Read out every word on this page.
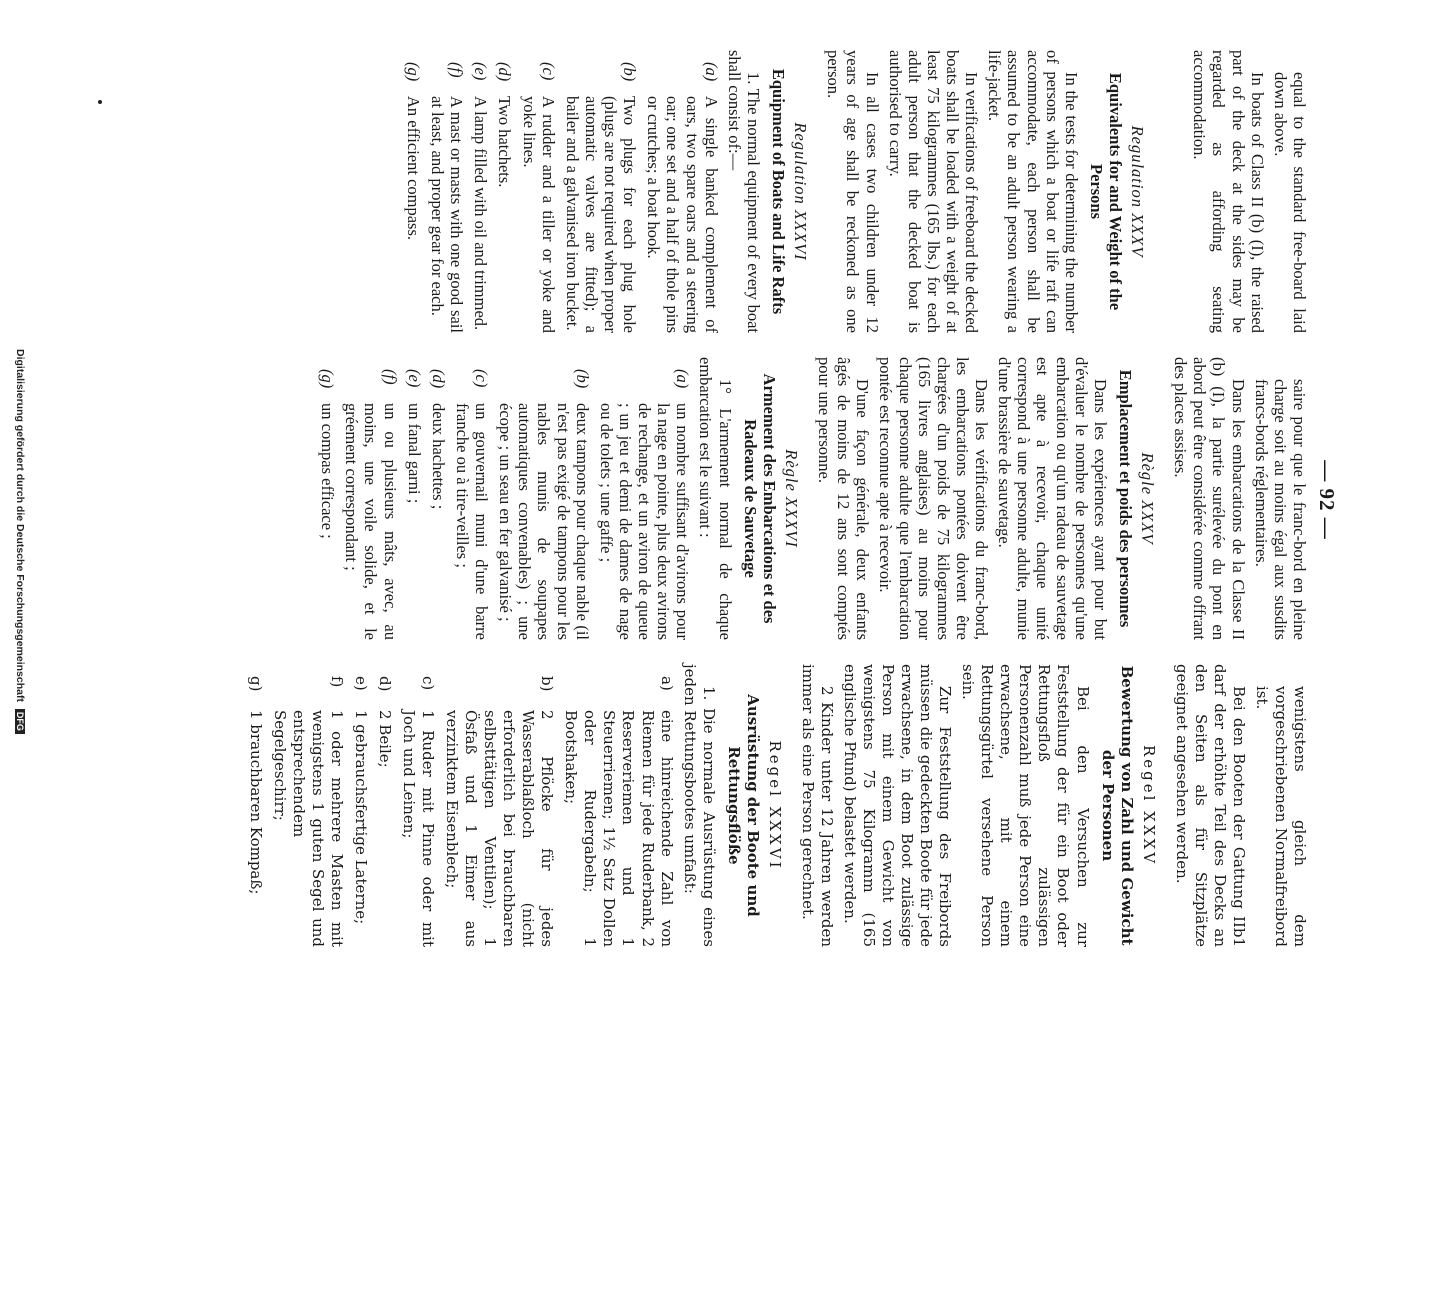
Digitalisierung gefördert durch die Deutsche Forschungsgemeinschaft DFG
— 92 —

equal to the standard free-board laid down above.

In boats of Class II (b) (I), the raised part of the deck at the sides may be regarded as affording seating accommodation.

Regulation XXXV
Equivalents for and Weight of the Persons

In the tests for determining the number of persons which a boat or life raft can accommodate, each person shall be assumed to be an adult person wearing a life-jacket.

In verifications of freeboard the decked boats shall be loaded with a weight of at least 75 kilogrammes (165 lbs.) for each adult person that the decked boat is authorised to carry.

In all cases two children under 12 years of age shall be reckoned as one person.

Regulation XXXVI
Equipment of Boats and Life Rafts

1. The normal equipment of every boat shall consist of:—

(a)
A single banked complement of oars, two spare oars and a steering oar; one set and a half of thole pins or crutches; a boat hook.
(b)
Two plugs for each plug hole (plugs are not required when proper automatic valves are fitted); a bailer and a galvanised iron bucket.
(c)
A rudder and a tiller or yoke and yoke lines.
(d)
Two hatchets.
(e)
A lamp filled with oil and trimmed.
(f)
A mast or masts with one good sail at least, and proper gear for each.
(g)
An efficient compass.

saire pour que le franc-bord en pleine charge soit au moins égal aux susdits francs-bords réglementaires.

Dans les embarcations de la Classe II (b) (I), la partie surélevée du pont en abord peut être considérée comme offrant des places assises.

Règle XXXV
Emplacement et poids des personnes

Dans les expériences ayant pour but d'évaluer le nombre de personnes qu'une embarcation ou qu'un radeau de sauvetage est apte à recevoir, chaque unité correspond à une personne adulte, munie d'une brassière de sauvetage.

Dans les vérifications du franc-bord, les embarcations pontées doivent être chargées d'un poids de 75 kilogrammes (165 livres anglaises) au moins pour chaque personne adulte que l'embarcation pontée est reconnue apte à recevoir.

D'une façon générale, deux enfants âgés de moins de 12 ans sont comptés pour une personne.

Règle XXXVI
Armement des Embarcations et des Radeaux de Sauvetage

1° L'armement normal de chaque embarcation est le suivant :

(a)
un nombre suffisant d'avirons pour la nage en pointe, plus deux avirons de rechange, et un aviron de queue ; un jeu et demi de dames de nage ou de tolets ; une gaffe ;
(b)
deux tampons pour chaque nable (il n'est pas exigé de tampons pour les nables munis de soupapes automatiques convenables) ; une écope ; un seau en fer galvanisé ;
(c)
un gouvernail muni d'une barre franche ou à tire-veilles ;
(d)
deux hachettes ;
(e)
un fanal garni ;
(f)
un ou plusieurs mâts, avec, au moins, une voile solide, et le gréement correspondant ;
(g)
un compas efficace ;

wenigstens gleich dem vorgeschriebenen Normalfreibord ist.

Bei den Booten der Gattung IIb1 darf der erhöhte Teil des Decks an den Seiten als für Sitzplätze geeignet angesehen werden.

Regel XXXV
Bewertung von Zahl und Gewicht der Personen

Bei den Versuchen zur Feststellung der für ein Boot oder Rettungsfloß zulässigen Personenzahl muß jede Person eine erwachsene, mit einem Rettungsgürtel versehene Person sein.

Zur Feststellung des Freibords müssen die gedeckten Boote für jede erwachsene, in dem Boot zulässige Person mit einem Gewicht von wenigstens 75 Kilogramm (165 englische Pfund) belastet werden.

2 Kinder unter 12 Jahren werden immer als eine Person gerechnet.

Regel XXXVI
Ausrüstung der Boote und Rettungsflöße

1. Die normale Ausrüstung eines jeden Rettungsbootes umfaßt:

a)
eine hinreichende Zahl von Riemen für jede Ruderbank, 2 Reserveriemen und 1 Steuerriemen; 1½ Satz Dollen oder Rudergabeln; 1 Bootshaken;
b)
2 Pflöcke für jedes Wasserablaßloch (nicht erforderlich bei brauchbaren selbsttätigen Ventilen); 1 Ösfaß und 1 Eimer aus verzinktem Eisenblech;
c)
1 Ruder mit Pinne oder mit Joch und Leinen;
d)
2 Beile;
e)
1 gebrauchsfertige Laterne;
f)
1 oder mehrere Masten mit wenigstens 1 guten Segel und entsprechendem Segelgeschirr;
g)
1 brauchbaren Kompaß;
